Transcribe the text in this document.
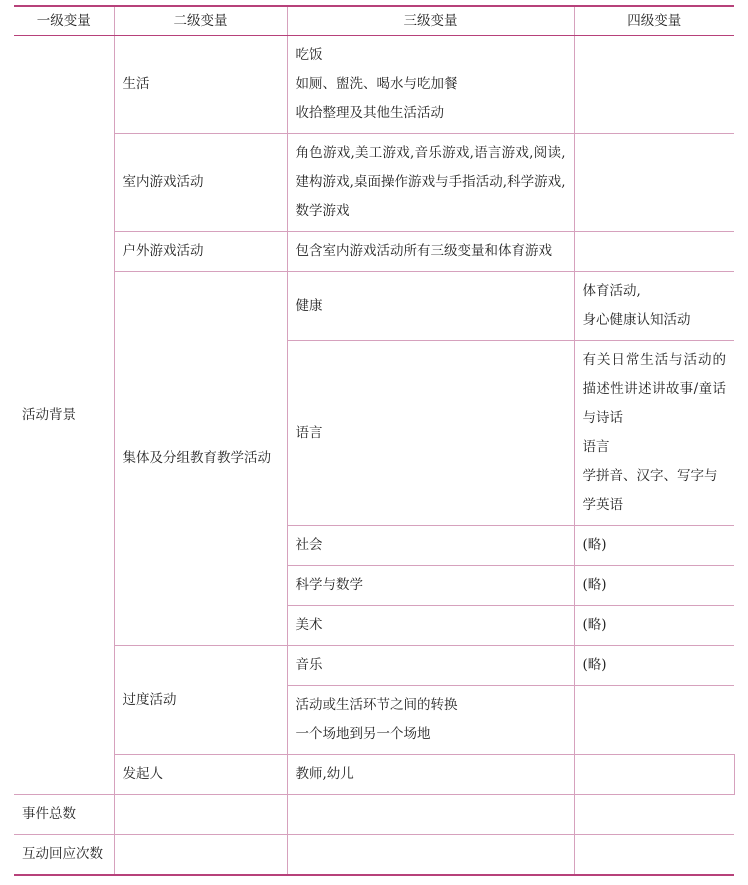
一级变量	二级变量	三级变量	四级变量	
活动背景	生活	吃饭
如厕、盥洗、喝水与吃加餐
收拾整理及其他生活活动		

	室内游戏活动	角色游戏,美工游戏,音乐游戏,语言游戏,阅读,建构游戏,桌面操作游戏与手指活动,科学游戏,数学游戏		
	户外游戏活动	包含室内游戏活动所有三级变量和体育游戏		
	集体及分组教育教学活动	健康	体育活动,
身心健康认知活动	

		语言	有关日常生活与活动的描述性讲述讲故事/童话与诗话
语言
学拼音、汉字、写字与学英语	

		社会	(略)	
		科学与数学	(略)	
		美术	(略)	
	过度活动	音乐	(略)	

		活动或生活环节之间的转换
一个场地到另一个场地		

	发起人	教师,幼儿		
事件总数				
互动回应次数				
